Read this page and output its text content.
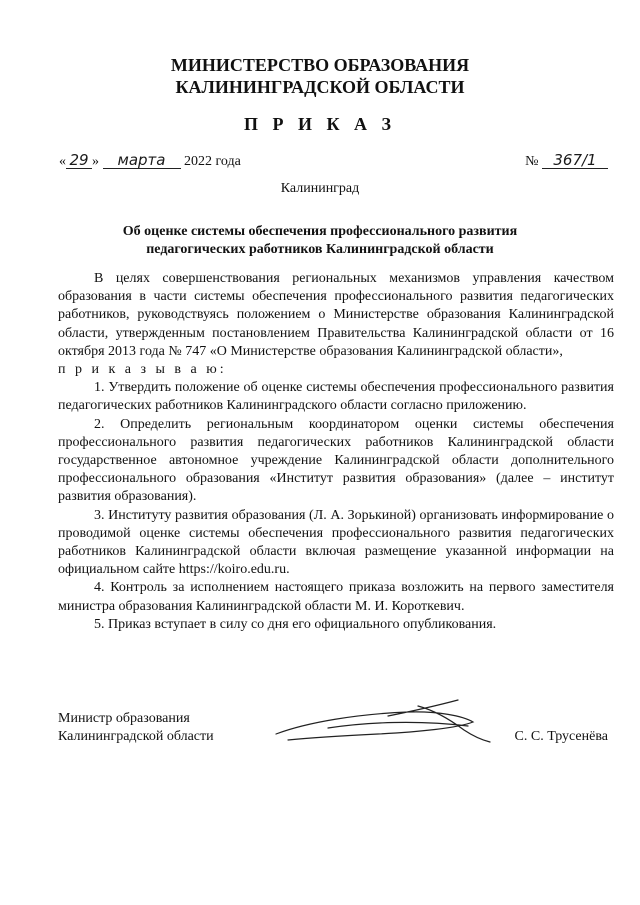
МИНИСТЕРСТВО ОБРАЗОВАНИЯ
КАЛИНИНГРАДСКОЙ ОБЛАСТИ
П Р И К А З
« 29 » марта 2022 года	№ 367/1
Калининград
Об оценке системы обеспечения профессионального развития
педагогических работников Калининградской области

В целях совершенствования региональных механизмов управления качеством образования в части системы обеспечения профессионального развития педагогических работников, руководствуясь положением о Министерстве образования Калининградской области, утвержденным постановлением Правительства Калининградской области от 16 октября 2013 года № 747 «О Министерстве образования Калининградской области»,

п р и к а з ы в а ю:

1. Утвердить положение об оценке системы обеспечения профессионального развития педагогических работников Калининградского области согласно приложению.

2. Определить региональным координатором оценки системы обеспечения профессионального развития педагогических работников Калининградской области государственное автономное учреждение Калининградской области дополнительного профессионального образования «Институт развития образования» (далее – институт развития образования).

3. Институту развития образования (Л. А. Зорькиной) организовать информирование о проводимой оценке системы обеспечения профессионального развития педагогических работников Калининградской области включая размещение указанной информации на официальном сайте https://koiro.edu.ru.

4. Контроль за исполнением настоящего приказа возложить на первого заместителя министра образования Калининградской области М. И. Короткевич.

5. Приказ вступает в силу со дня его официального опубликования.

Министр образования
Калининградской области	С. С. Трусенёва
